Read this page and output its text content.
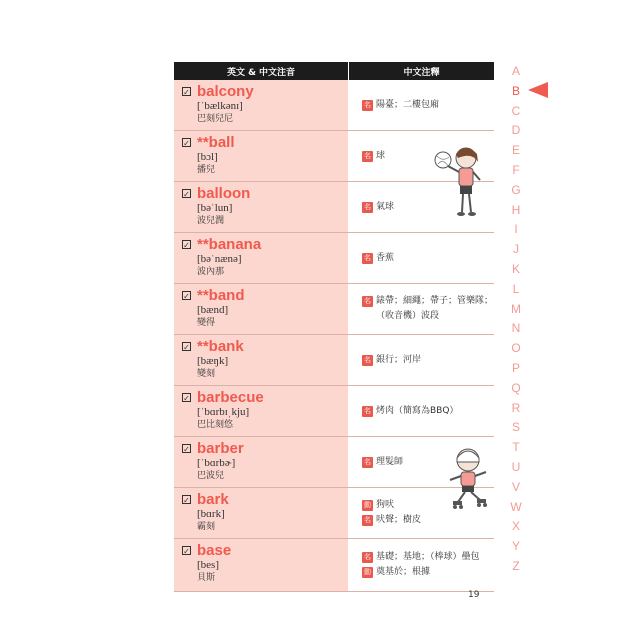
英文 & 中文注音	中文注釋
✓ balcony
[ˈbælkənɪ]
巴刻兒尼
名 陽臺；二樓包廂
✓ **ball
[bɔl]
播兒
名 球
✓ balloon
[bəˈlun]
波兒潤
名 氣球
✓ **banana
[bəˈnænə]
波內那
名 香蕉
✓ **band
[bænd]
變得
名 錶帶；細繩；帶子；管樂隊；（收音機）波段
✓ **bank
[bæŋk]
變刻
名 銀行；河岸
✓ barbecue
[ˈbɑrbɪˌkju]
巴比刻悠
名 烤肉（簡寫為BBQ）
✓ barber
[ˈbɑrbɚ]
巴波兒
名 理髮師
✓ bark
[bɑrk]
霸刻
動 狗吠
名 吠聲；樹皮
✓ base
[bes]
貝斯
名 基礎；基地；（棒球）壘包
動 奠基於；根據
A
B
C
D
E
F
G
H
I
J
K
L
M
N
O
P
Q
R
S
T
U
V
W
X
Y
Z
19
